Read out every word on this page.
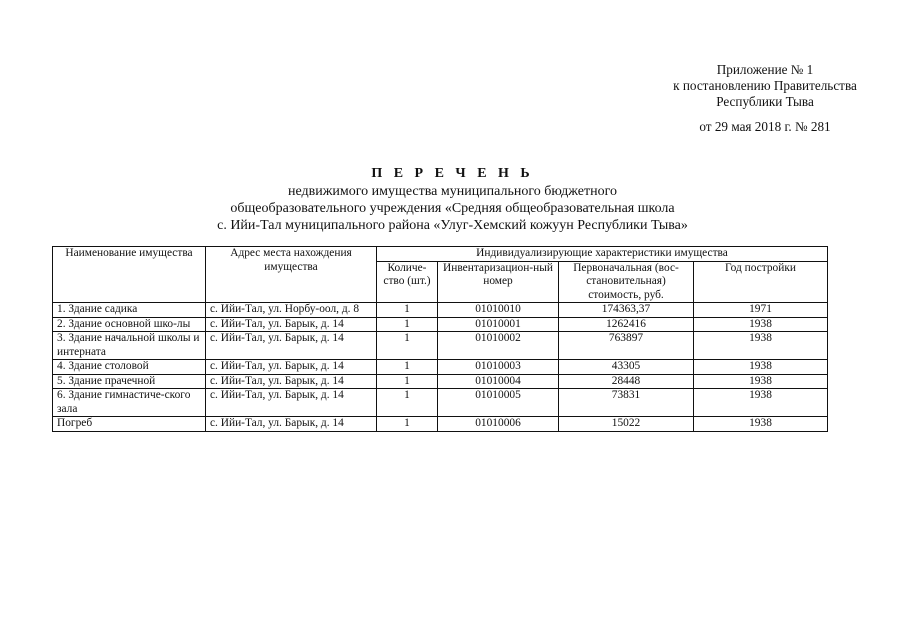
Приложение № 1
к постановлению Правительства
Республики Тыва
от 29 мая 2018 г. № 281
П Е Р Е Ч Е Н Ь
недвижимого имущества муниципального бюджетного
общеобразовательного учреждения «Средняя общеобразовательная школа
с. Ийи-Тал муниципального района «Улуг-Хемский кожуун Республики Тыва»
Наименование имущества	Адрес места нахождения имущества	Индивидуализирующие характеристики имущества			
		Количе-ство (шт.)	Инвентаризацион-ный номер	Первоначальная (вос-становительная) стоимость, руб.	Год постройки
1. Здание садика	с. Ийи-Тал, ул. Норбу-оол, д. 8	1	01010010	174363,37	1971
2. Здание основной шко-лы	с. Ийи-Тал, ул. Барык, д. 14	1	01010001	1262416	1938
3. Здание начальной школы и интерната	с. Ийи-Тал, ул. Барык, д. 14	1	01010002	763897	1938
4. Здание столовой	с. Ийи-Тал, ул. Барык, д. 14	1	01010003	43305	1938
5. Здание прачечной	с. Ийи-Тал, ул. Барык, д. 14	1	01010004	28448	1938
6. Здание гимнастиче-ского зала	с. Ийи-Тал, ул. Барык, д. 14	1	01010005	73831	1938
Погреб	с. Ийи-Тал, ул. Барык, д. 14	1	01010006	15022	1938
